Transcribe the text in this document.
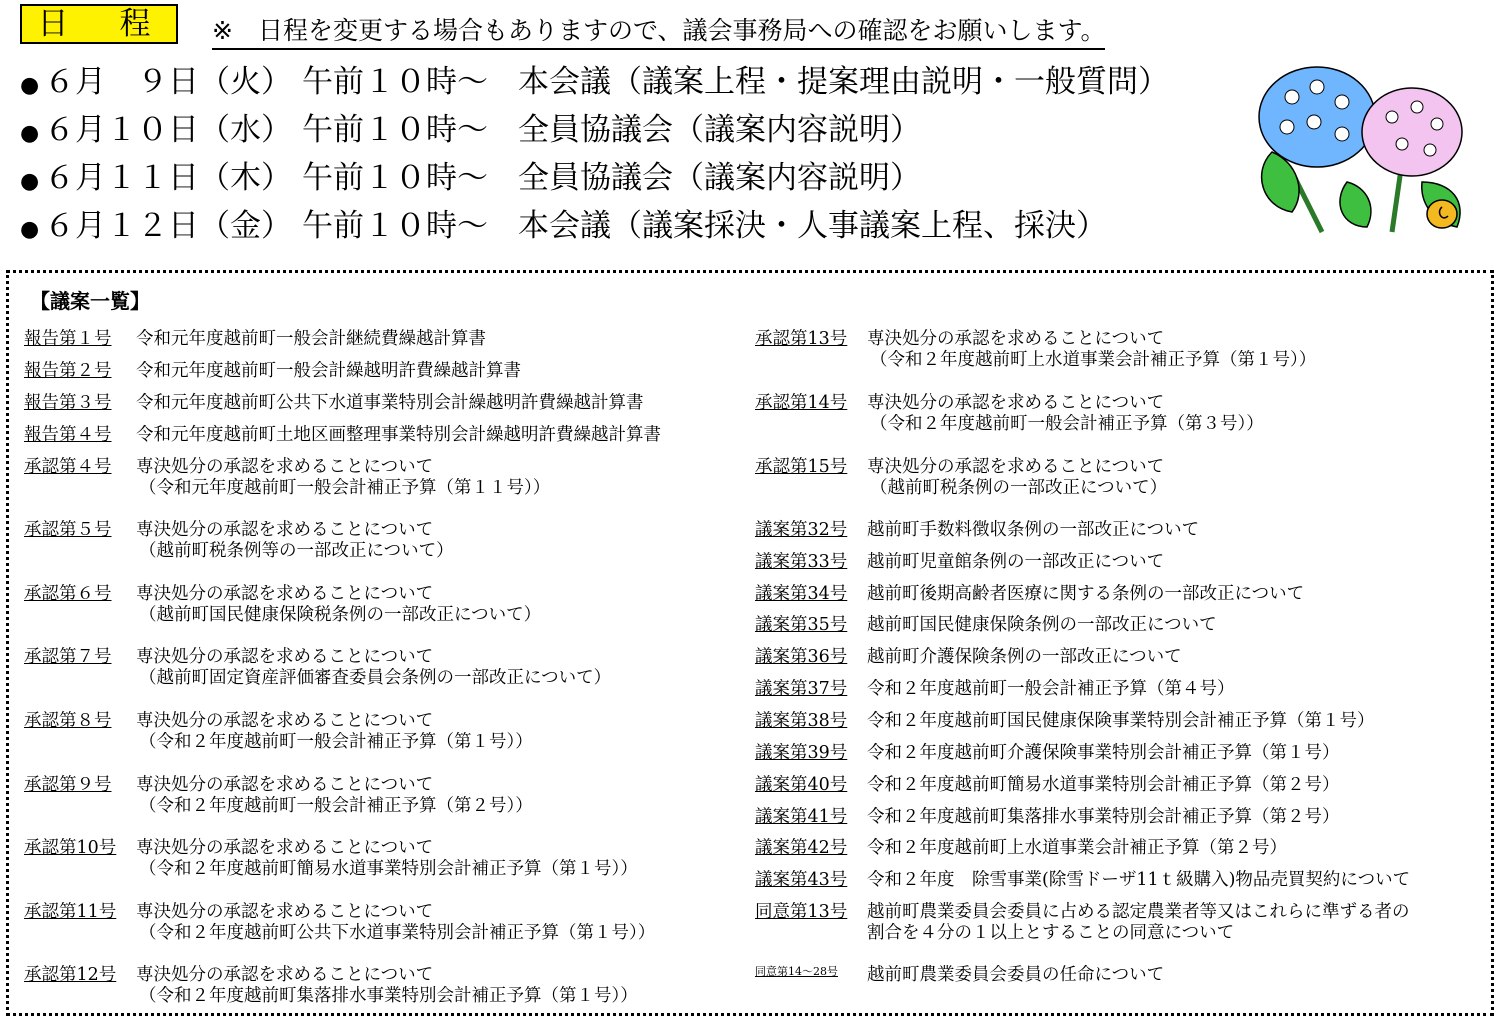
日　程	※　日程を変更する場合もありますので、議会事務局への確認をお願いします。
● ６月　９日（火） 午前１０時～ 本会議（議案上程・提案理由説明・一般質問）
● ６月１０日（水） 午前１０時～ 全員協議会（議案内容説明）
● ６月１１日（木） 午前１０時～ 全員協議会（議案内容説明）
● ６月１２日（金） 午前１０時～ 本会議（議案採決・人事議案上程、採決）
【議案一覧】
報告第１号 令和元年度越前町一般会計継続費繰越計算書
報告第２号 令和元年度越前町一般会計繰越明許費繰越計算書
報告第３号 令和元年度越前町公共下水道事業特別会計繰越明許費繰越計算書
報告第４号 令和元年度越前町土地区画整理事業特別会計繰越明許費繰越計算書
承認第４号 専決処分の承認を求めることについて
（令和元年度越前町一般会計補正予算（第１１号））
承認第５号 専決処分の承認を求めることについて
（越前町税条例等の一部改正について）
承認第６号 専決処分の承認を求めることについて
（越前町国民健康保険税条例の一部改正について）
承認第７号 専決処分の承認を求めることについて
（越前町固定資産評価審査委員会条例の一部改正について）
承認第８号 専決処分の承認を求めることについて
（令和２年度越前町一般会計補正予算（第１号））
承認第９号 専決処分の承認を求めることについて
（令和２年度越前町一般会計補正予算（第２号））
承認第10号 専決処分の承認を求めることについて
（令和２年度越前町簡易水道事業特別会計補正予算（第１号））
承認第11号 専決処分の承認を求めることについて
（令和２年度越前町公共下水道事業特別会計補正予算（第１号））
承認第12号 専決処分の承認を求めることについて
（令和２年度越前町集落排水事業特別会計補正予算（第１号））
承認第13号 専決処分の承認を求めることについて
（令和２年度越前町上水道事業会計補正予算（第１号））
承認第14号 専決処分の承認を求めることについて
（令和２年度越前町一般会計補正予算（第３号））
承認第15号 専決処分の承認を求めることについて
（越前町税条例の一部改正について）
議案第32号 越前町手数料徴収条例の一部改正について
議案第33号 越前町児童館条例の一部改正について
議案第34号 越前町後期高齢者医療に関する条例の一部改正について
議案第35号 越前町国民健康保険条例の一部改正について
議案第36号 越前町介護保険条例の一部改正について
議案第37号 令和２年度越前町一般会計補正予算（第４号）
議案第38号 令和２年度越前町国民健康保険事業特別会計補正予算（第１号）
議案第39号 令和２年度越前町介護保険事業特別会計補正予算（第１号）
議案第40号 令和２年度越前町簡易水道事業特別会計補正予算（第２号）
議案第41号 令和２年度越前町集落排水事業特別会計補正予算（第２号）
議案第42号 令和２年度越前町上水道事業会計補正予算（第２号）
議案第43号 令和２年度　除雪事業(除雪ドーザ11ｔ級購入)物品売買契約について
同意第13号 越前町農業委員会委員に占める認定農業者等又はこれらに準ずる者の
割合を４分の１以上とすることの同意について
同意第14～28号 越前町農業委員会委員の任命について
